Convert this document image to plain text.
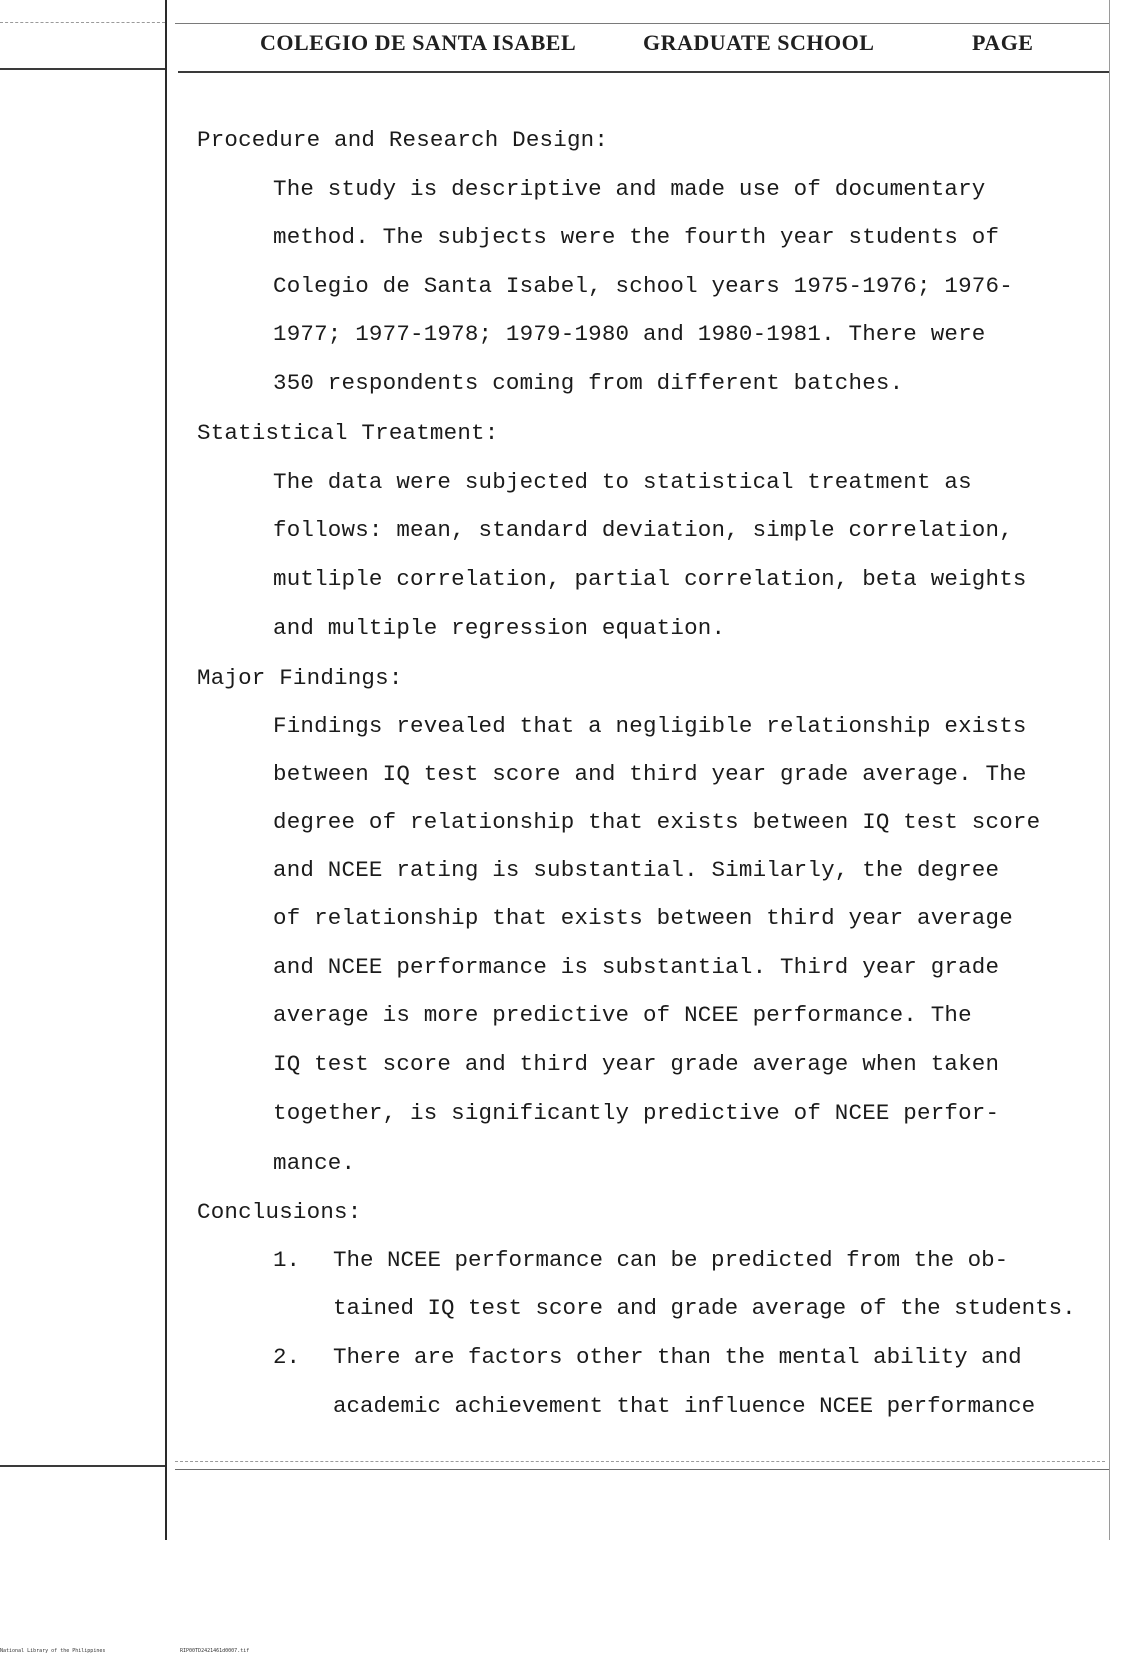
COLEGIO DE SANTA ISABEL	GRADUATE SCHOOL	PAGE
Procedure and Research Design:
The study is descriptive and made use of documentary
method. The subjects were the fourth year students of
Colegio de Santa Isabel, school years 1975-1976; 1976-
1977; 1977-1978; 1979-1980 and 1980-1981. There were
350 respondents coming from different batches.
Statistical Treatment:
The data were subjected to statistical treatment as
follows: mean, standard deviation, simple correlation,
mutliple correlation, partial correlation, beta weights
and multiple regression equation.
Major Findings:
Findings revealed that a negligible relationship exists
between IQ test score and third year grade average. The
degree of relationship that exists between IQ test score
and NCEE rating is substantial. Similarly, the degree
of relationship that exists between third year average
and NCEE performance is substantial. Third year grade
average is more predictive of NCEE performance. The
IQ test score and third year grade average when taken
together, is significantly predictive of NCEE perfor-
mance.
Conclusions:
1. The NCEE performance can be predicted from the ob-
tained IQ test score and grade average of the students.
2. There are factors other than the mental ability and
academic achievement that influence NCEE performance
National Library of the Philippines	RIP00TD2421461d0007.tif
